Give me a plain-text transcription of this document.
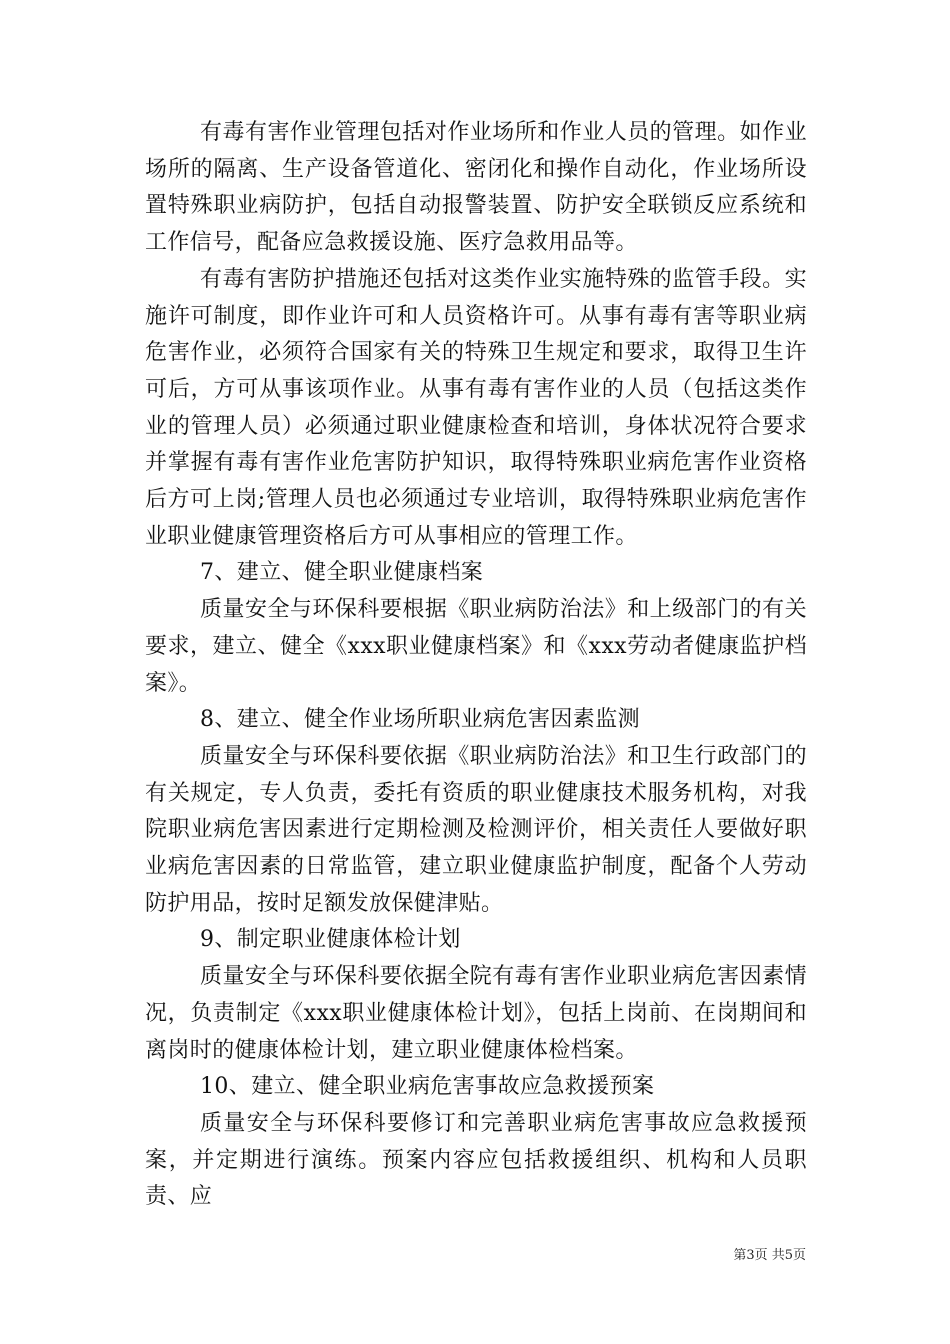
有毒有害作业管理包括对作业场所和作业人员的管理。如作业场所的隔离、生产设备管道化、密闭化和操作自动化，作业场所设置特殊职业病防护，包括自动报警装置、防护安全联锁反应系统和工作信号，配备应急救援设施、医疗急救用品等。

有毒有害防护措施还包括对这类作业实施特殊的监管手段。实施许可制度，即作业许可和人员资格许可。从事有毒有害等职业病危害作业，必须符合国家有关的特殊卫生规定和要求，取得卫生许可后，方可从事该项作业。从事有毒有害作业的人员（包括这类作业的管理人员）必须通过职业健康检查和培训，身体状况符合要求并掌握有毒有害作业危害防护知识，取得特殊职业病危害作业资格后方可上岗;管理人员也必须通过专业培训，取得特殊职业病危害作业职业健康管理资格后方可从事相应的管理工作。

7、建立、健全职业健康档案

质量安全与环保科要根据《职业病防治法》和上级部门的有关要求，建立、健全《xxx职业健康档案》和《xxx劳动者健康监护档案》。

8、建立、健全作业场所职业病危害因素监测

质量安全与环保科要依据《职业病防治法》和卫生行政部门的有关规定，专人负责，委托有资质的职业健康技术服务机构，对我院职业病危害因素进行定期检测及检测评价，相关责任人要做好职业病危害因素的日常监管，建立职业健康监护制度，配备个人劳动防护用品，按时足额发放保健津贴。

9、制定职业健康体检计划

质量安全与环保科要依据全院有毒有害作业职业病危害因素情况，负责制定《xxx职业健康体检计划》，包括上岗前、在岗期间和离岗时的健康体检计划，建立职业健康体检档案。

10、建立、健全职业病危害事故应急救援预案

质量安全与环保科要修订和完善职业病危害事故应急救援预案，并定期进行演练。预案内容应包括救援组织、机构和人员职责、应

第3页 共5页
